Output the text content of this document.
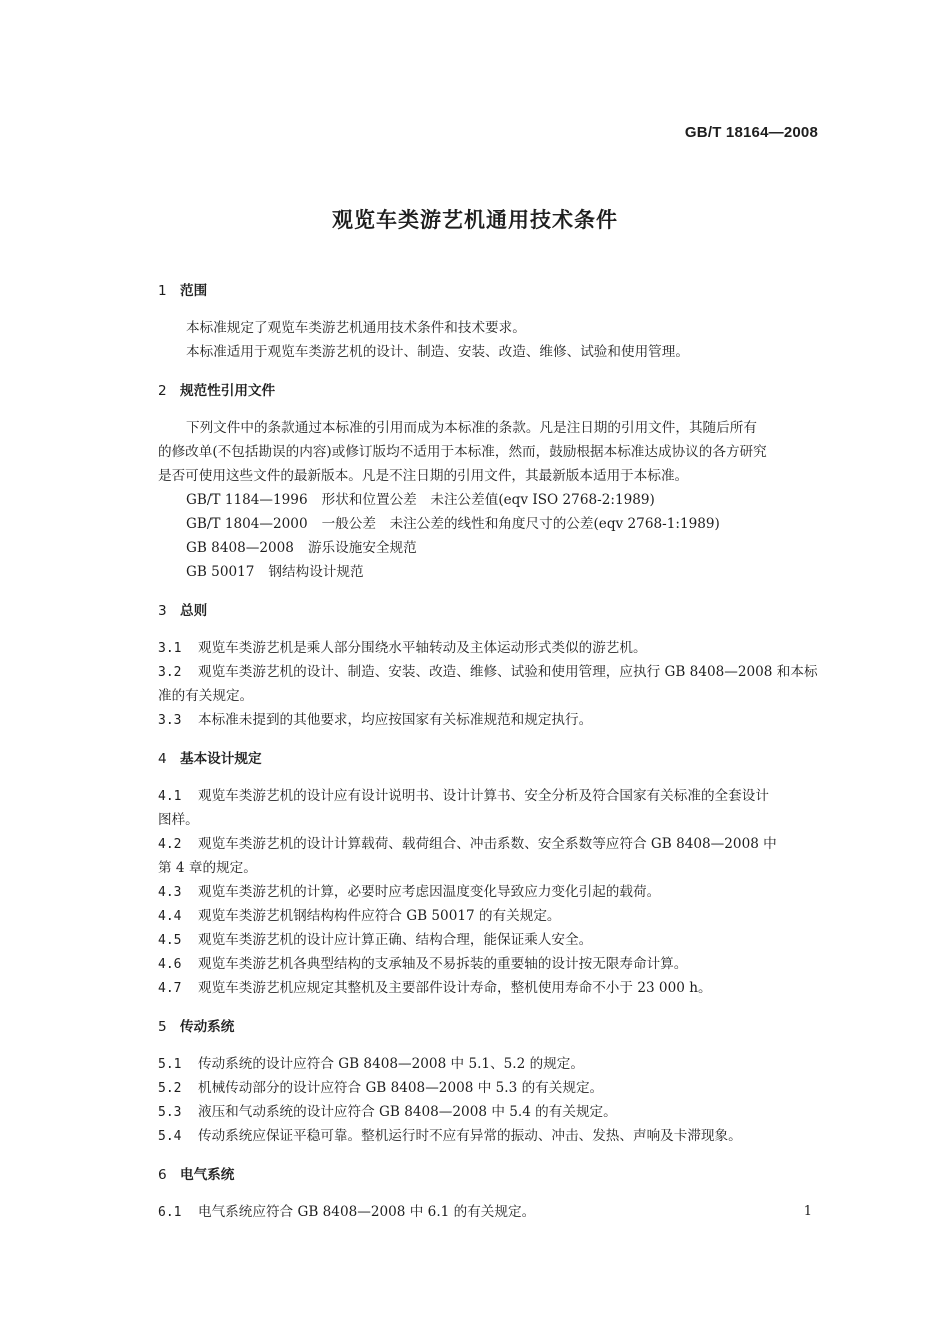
GB/T 18164—2008
观览车类游艺机通用技术条件
1 范围
本标准规定了观览车类游艺机通用技术条件和技术要求。
本标准适用于观览车类游艺机的设计、制造、安装、改造、维修、试验和使用管理。
2 规范性引用文件
下列文件中的条款通过本标准的引用而成为本标准的条款。凡是注日期的引用文件，其随后所有
的修改单(不包括勘误的内容)或修订版均不适用于本标准，然而，鼓励根据本标准达成协议的各方研究
是否可使用这些文件的最新版本。凡是不注日期的引用文件，其最新版本适用于本标准。
GB/T 1184—1996 形状和位置公差　未注公差值(eqv ISO 2768-2:1989)
GB/T 1804—2000 一般公差　未注公差的线性和角度尺寸的公差(eqv 2768-1:1989)
GB 8408—2008 游乐设施安全规范
GB 50017 钢结构设计规范
3 总则
3.1 观览车类游艺机是乘人部分围绕水平轴转动及主体运动形式类似的游艺机。
3.2 观览车类游艺机的设计、制造、安装、改造、维修、试验和使用管理，应执行 GB 8408—2008 和本标
准的有关规定。
3.3 本标准未提到的其他要求，均应按国家有关标准规范和规定执行。
4 基本设计规定
4.1 观览车类游艺机的设计应有设计说明书、设计计算书、安全分析及符合国家有关标准的全套设计
图样。
4.2 观览车类游艺机的设计计算载荷、载荷组合、冲击系数、安全系数等应符合 GB 8408—2008 中
第 4 章的规定。
4.3 观览车类游艺机的计算，必要时应考虑因温度变化导致应力变化引起的载荷。
4.4 观览车类游艺机钢结构构件应符合 GB 50017 的有关规定。
4.5 观览车类游艺机的设计应计算正确、结构合理，能保证乘人安全。
4.6 观览车类游艺机各典型结构的支承轴及不易拆装的重要轴的设计按无限寿命计算。
4.7 观览车类游艺机应规定其整机及主要部件设计寿命，整机使用寿命不小于 23 000 h。
5 传动系统
5.1 传动系统的设计应符合 GB 8408—2008 中 5.1、5.2 的规定。
5.2 机械传动部分的设计应符合 GB 8408—2008 中 5.3 的有关规定。
5.3 液压和气动系统的设计应符合 GB 8408—2008 中 5.4 的有关规定。
5.4 传动系统应保证平稳可靠。整机运行时不应有异常的振动、冲击、发热、声响及卡滞现象。
6 电气系统
6.1 电气系统应符合 GB 8408—2008 中 6.1 的有关规定。	1
